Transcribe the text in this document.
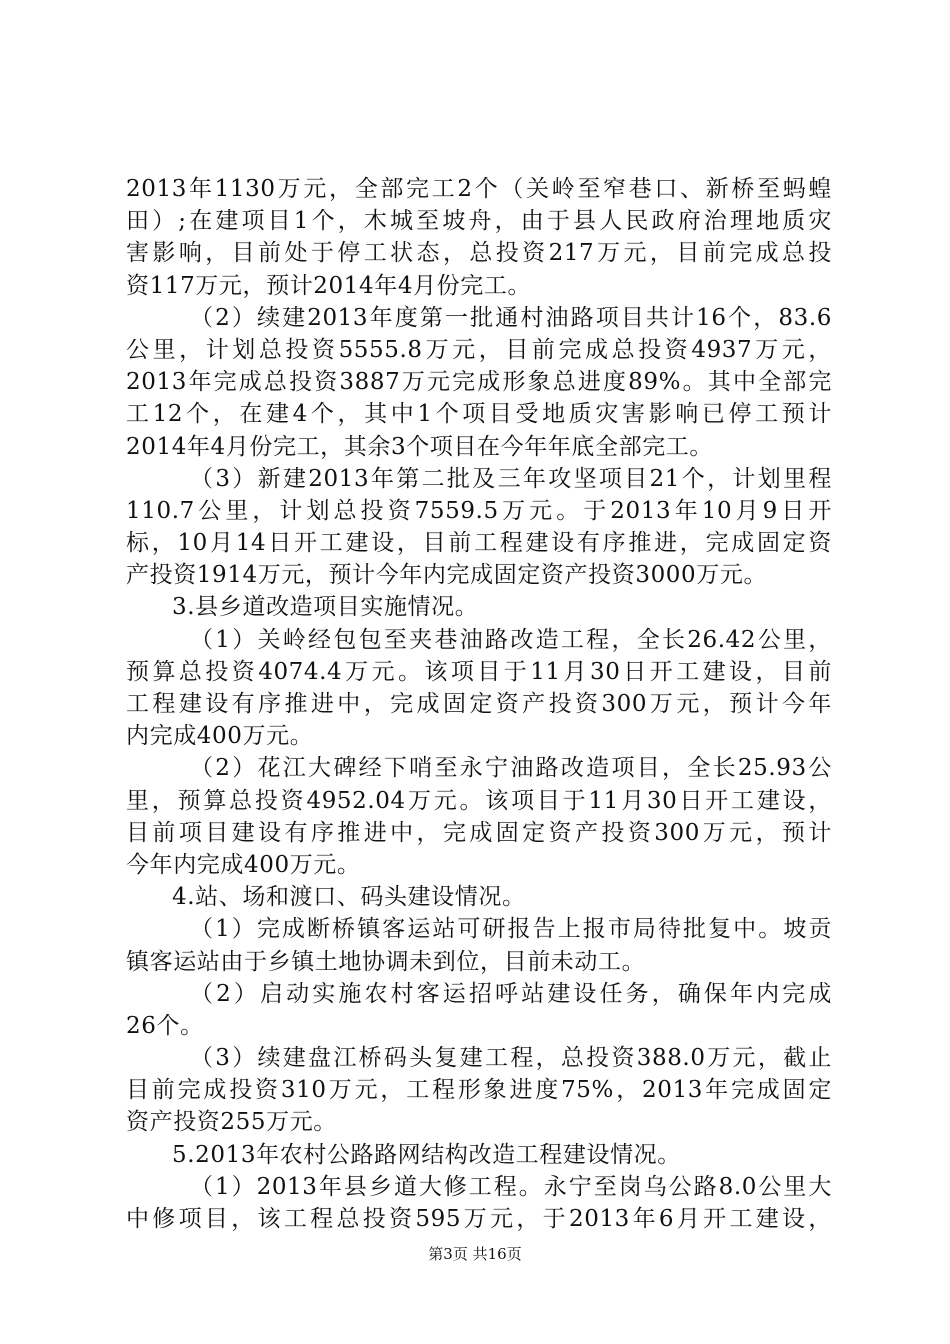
2013年1130万元，全部完工2个（关岭至窄巷口、新桥至蚂蝗
田）;在建项目1个，木城至坡舟，由于县人民政府治理地质灾
害影响，目前处于停工状态，总投资217万元，目前完成总投
资117万元，预计2014年4月份完工。
（2）续建2013年度第一批通村油路项目共计16个，83.6
公里，计划总投资5555.8万元，目前完成总投资4937万元，
2013年完成总投资3887万元完成形象总进度89%。其中全部完
工12个，在建4个，其中1个项目受地质灾害影响已停工预计
2014年4月份完工，其余3个项目在今年年底全部完工。
（3）新建2013年第二批及三年攻坚项目21个，计划里程
110.7公里，计划总投资7559.5万元。于2013年10月9日开
标，10月14日开工建设，目前工程建设有序推进，完成固定资
产投资1914万元，预计今年内完成固定资产投资3000万元。
3.县乡道改造项目实施情况。
（1）关岭经包包至夹巷油路改造工程，全长26.42公里，
预算总投资4074.4万元。该项目于11月30日开工建设，目前
工程建设有序推进中，完成固定资产投资300万元，预计今年
内完成400万元。
（2）花江大碑经下哨至永宁油路改造项目，全长25.93公
里，预算总投资4952.04万元。该项目于11月30日开工建设，
目前项目建设有序推进中，完成固定资产投资300万元，预计
今年内完成400万元。
4.站、场和渡口、码头建设情况。
（1）完成断桥镇客运站可研报告上报市局待批复中。坡贡
镇客运站由于乡镇土地协调未到位，目前未动工。
（2）启动实施农村客运招呼站建设任务，确保年内完成
26个。
（3）续建盘江桥码头复建工程，总投资388.0万元，截止
目前完成投资310万元，工程形象进度75%，2013年完成固定
资产投资255万元。
5.2013年农村公路路网结构改造工程建设情况。
（1）2013年县乡道大修工程。永宁至岗乌公路8.0公里大
中修项目，该工程总投资595万元，于2013年6月开工建设，
第3页 共16页
